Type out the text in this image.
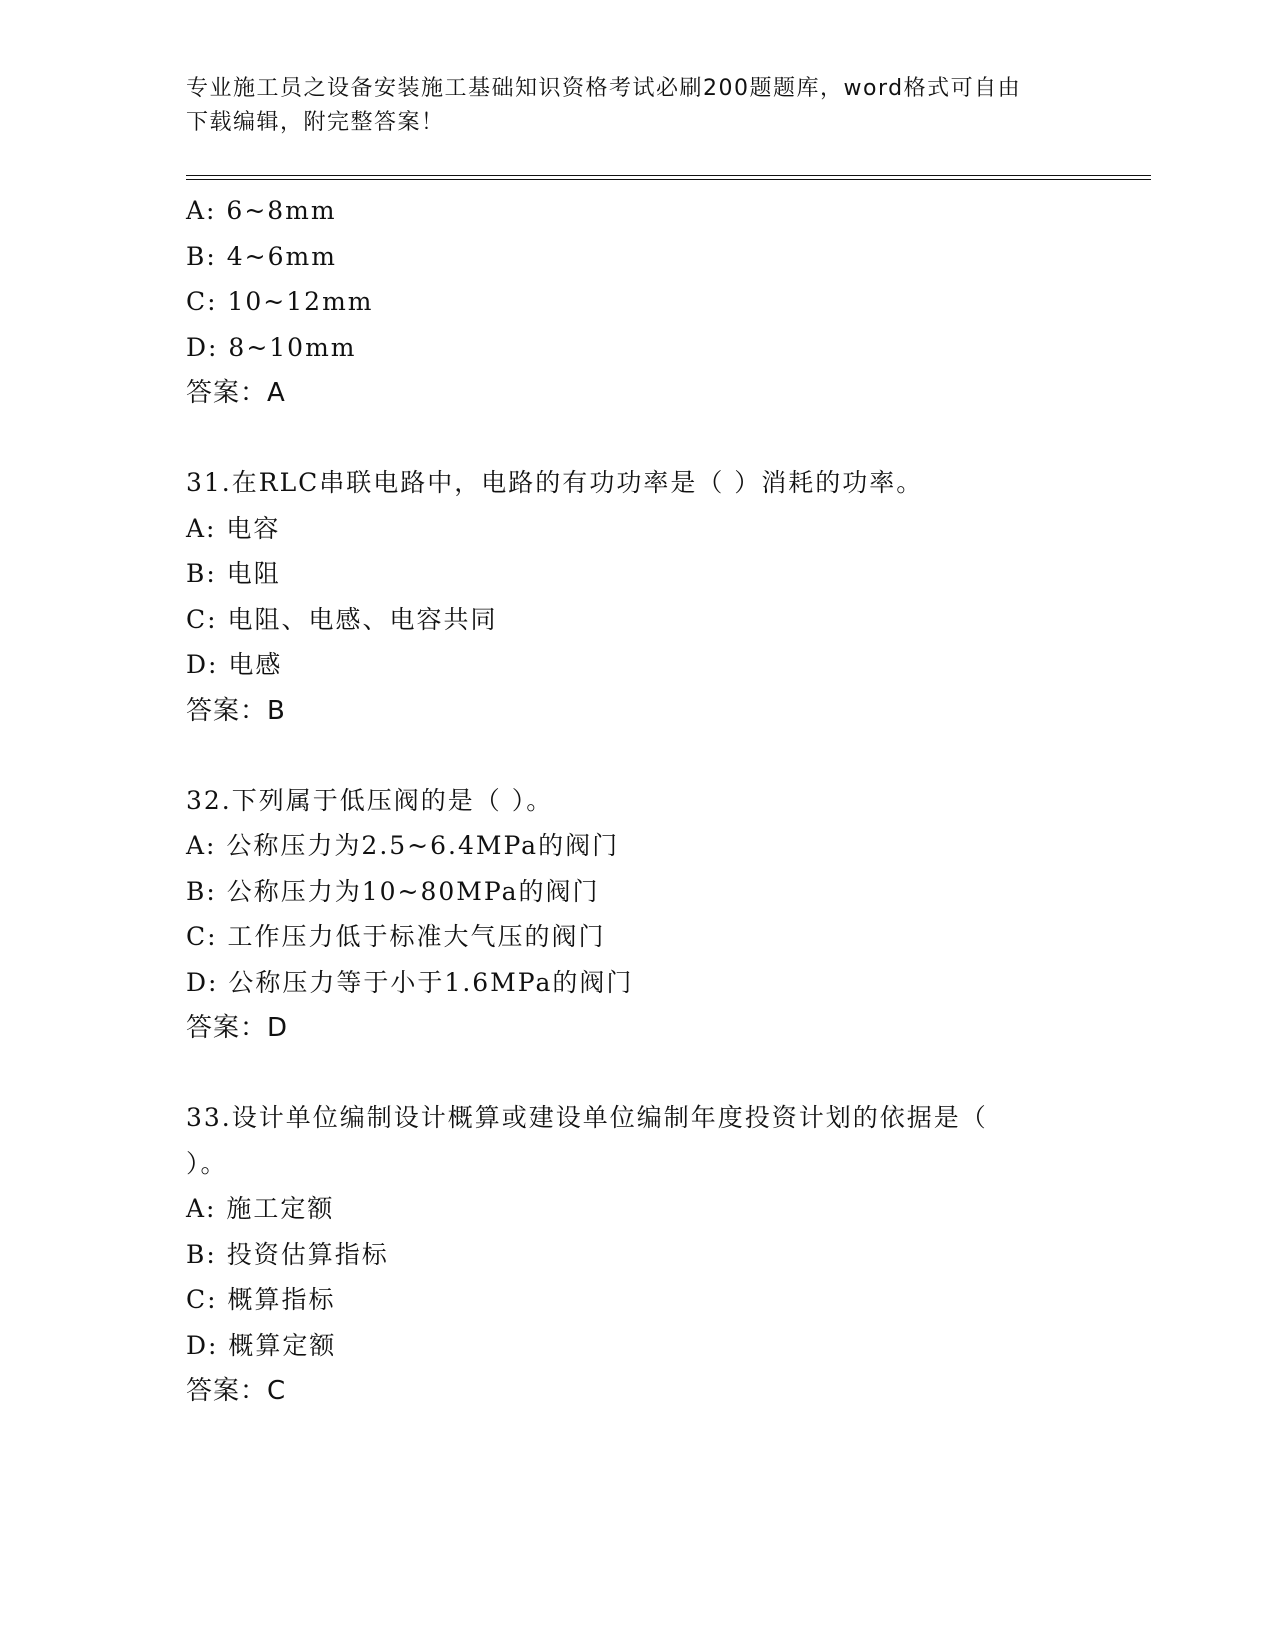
专业施工员之设备安装施工基础知识资格考试必刷200题题库，word格式可自由
下载编辑，附完整答案！
A: 6~8mm
B: 4~6mm
C: 10~12mm
D: 8~10mm
答案：A
31.在RLC串联电路中，电路的有功功率是（ ）消耗的功率。
A: 电容
B: 电阻
C: 电阻、电感、电容共同
D: 电感
答案：B
32.下列属于低压阀的是（ ）。
A: 公称压力为2.5~6.4MPa的阀门
B: 公称压力为10~80MPa的阀门
C: 工作压力低于标准大气压的阀门
D: 公称压力等于小于1.6MPa的阀门
答案：D
33.设计单位编制设计概算或建设单位编制年度投资计划的依据是（
）。
A: 施工定额
B: 投资估算指标
C: 概算指标
D: 概算定额
答案：C
